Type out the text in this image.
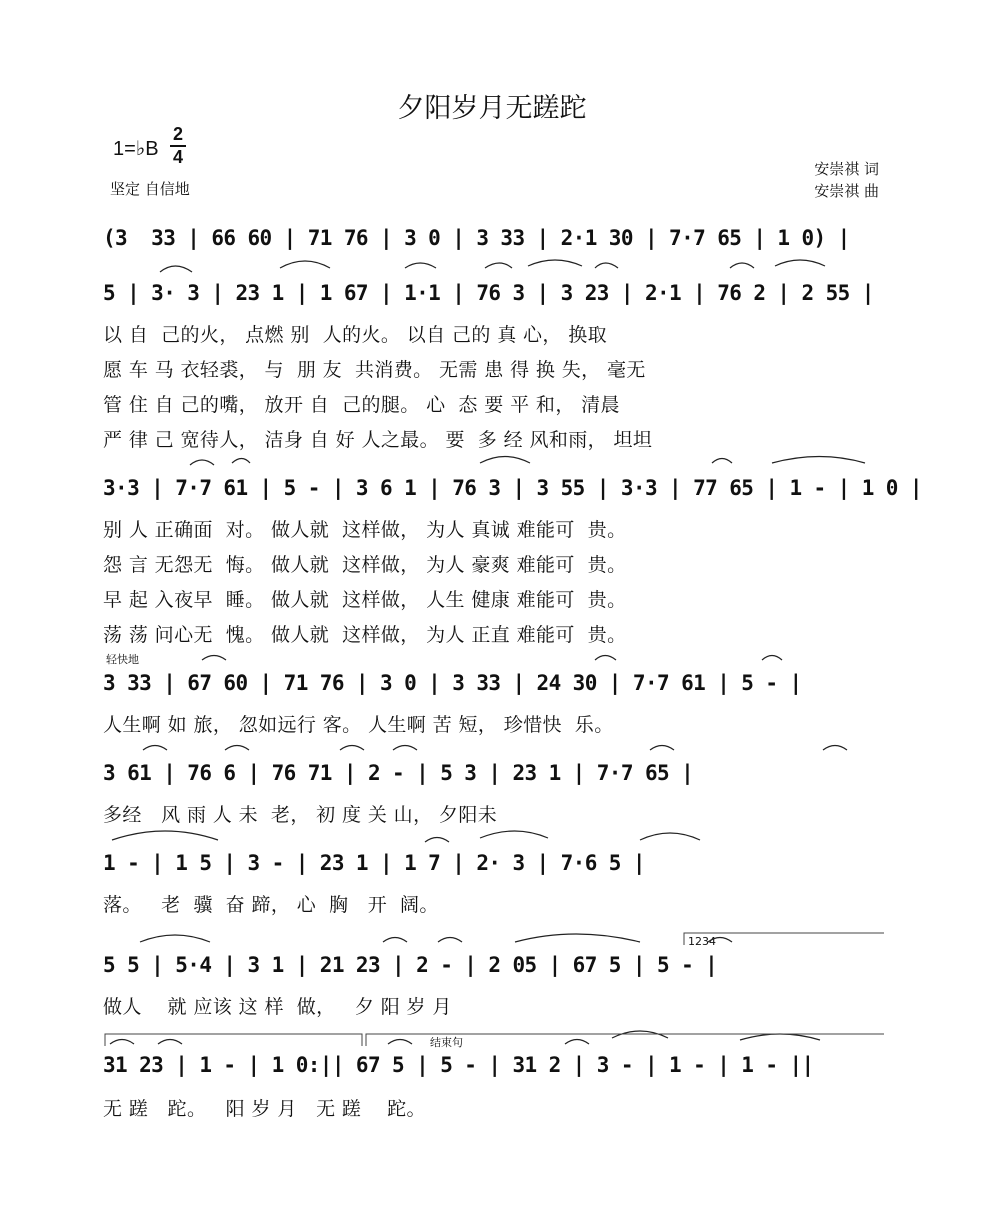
夕阳岁月无蹉跎
1=♭B $\frac{2}{4}$
坚定 自信地
安崇祺 词
安崇祺 曲
(3  33 | 66 60 | 71 76 | 3 0 | 3 33 | 2·1 30 | 7·7 65 | 1 0) |
5 | 3· 3 | 23 1 | 1 67 | 1·1 | 76 3 | 3 23 | 2·1 | 76 2 | 2 55 |
以 自  己的火， 点燃 别  人的火。 以自 己的 真 心， 换取
愿 车 马 衣轻裘， 与  朋 友  共消费。 无需 患 得 换 失， 毫无
管 住 自 己的嘴， 放开 自  己的腿。 心  态 要 平 和， 清晨
严 律 己 宽待人， 洁身 自 好 人之最。 要  多 经 风和雨， 坦坦
3·3 | 7·7 61 | 5 - | 3 6 1 | 76 3 | 3 55 | 3·3 | 77 65 | 1 - | 1 0 |
别 人 正确面  对。 做人就  这样做， 为人 真诚 难能可  贵。
怨 言 无怨无  悔。 做人就  这样做， 为人 豪爽 难能可  贵。
早 起 入夜早  睡。 做人就  这样做， 人生 健康 难能可  贵。
荡 荡 问心无  愧。 做人就  这样做， 为人 正直 难能可  贵。
轻快地
3 33 | 67 60 | 71 76 | 3 0 | 3 33 | 24 30 | 7·7 61 | 5 - |
人生啊 如 旅， 忽如远行 客。 人生啊 苦 短， 珍惜快  乐。
3 61 | 76 6 | 76 71 | 2 - | 5 3 | 23 1 | 7·7 65 |
多经   风 雨 人 未  老， 初 度 关 山， 夕阳未
1 - | 1 5 | 3 - | 23 1 | 1 7 | 2· 3 | 7·6 5 |
落。   老  骥  奋 蹄， 心  胸   开  阔。
1234
5 5 | 5·4 | 3 1 | 21 23 | 2 - | 2 05 | 67 5 | 5 - |
做人    就 应该 这 样  做，   夕 阳 岁 月
结束句
31 23 | 1 - | 1 0:|| 67 5 | 5 - | 31 2 | 3 - | 1 - | 1 - ||
无 蹉   跎。   阳 岁 月   无 蹉    跎。
